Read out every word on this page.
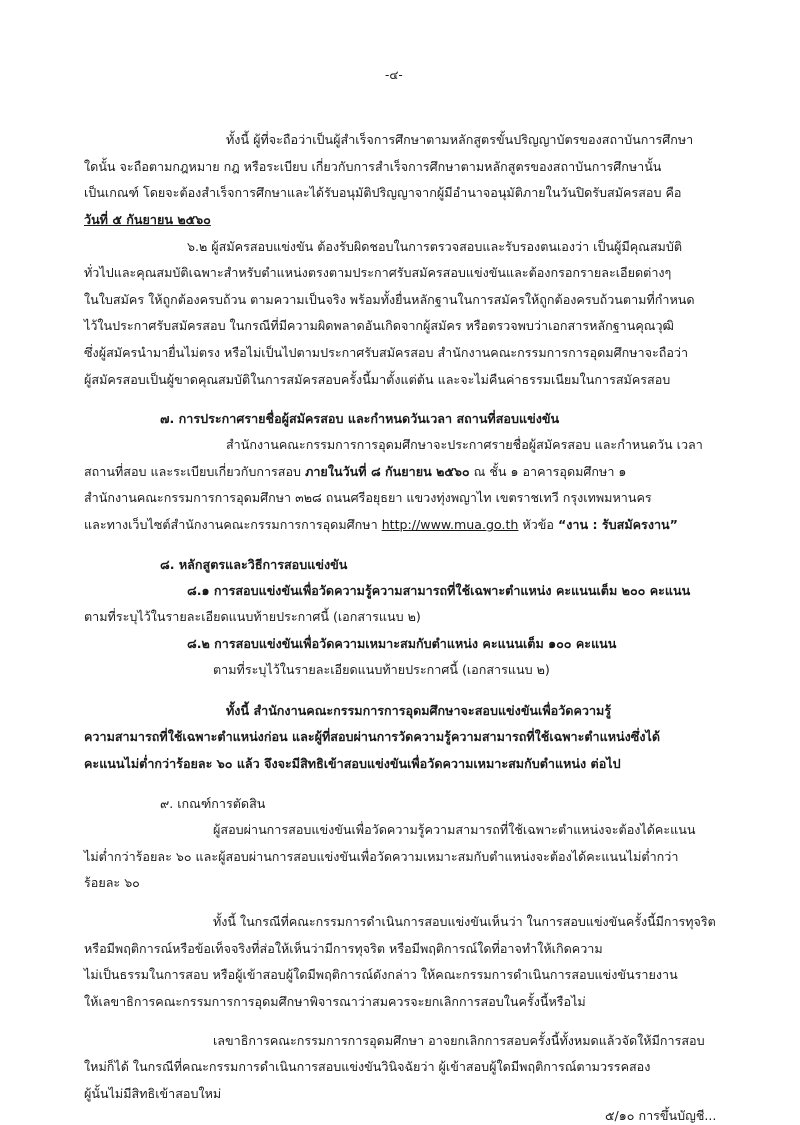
-๔-
ทั้งนี้ ผู้ที่จะถือว่าเป็นผู้สำเร็จการศึกษาตามหลักสูตรขั้นปริญญาบัตรของสถาบันการศึกษา
ใดนั้น จะถือตามกฎหมาย กฎ หรือระเบียบ เกี่ยวกับการสำเร็จการศึกษาตามหลักสูตรของสถาบันการศึกษานั้น
เป็นเกณฑ์ โดยจะต้องสำเร็จการศึกษาและได้รับอนุมัติปริญญาจากผู้มีอำนาจอนุมัติภายในวันปิดรับสมัครสอบ คือ
วันที่ ๕ กันยายน ๒๕๖๐
๖.๒ ผู้สมัครสอบแข่งขัน ต้องรับผิดชอบในการตรวจสอบและรับรองตนเองว่า เป็นผู้มีคุณสมบัติ
ทั่วไปและคุณสมบัติเฉพาะสำหรับตำแหน่งตรงตามประกาศรับสมัครสอบแข่งขันและต้องกรอกรายละเอียดต่างๆ
ในใบสมัคร ให้ถูกต้องครบถ้วน ตามความเป็นจริง พร้อมทั้งยื่นหลักฐานในการสมัครให้ถูกต้องครบถ้วนตามที่กำหนด
ไว้ในประกาศรับสมัครสอบ ในกรณีที่มีความผิดพลาดอันเกิดจากผู้สมัคร หรือตรวจพบว่าเอกสารหลักฐานคุณวุฒิ
ซึ่งผู้สมัครนำมายื่นไม่ตรง หรือไม่เป็นไปตามประกาศรับสมัครสอบ สำนักงานคณะกรรมการการอุดมศึกษาจะถือว่า
ผู้สมัครสอบเป็นผู้ขาดคุณสมบัติในการสมัครสอบครั้งนี้มาตั้งแต่ต้น และจะไม่คืนค่าธรรมเนียมในการสมัครสอบ
๗. การประกาศรายชื่อผู้สมัครสอบ และกำหนดวันเวลา สถานที่สอบแข่งขัน
สำนักงานคณะกรรมการการอุดมศึกษาจะประกาศรายชื่อผู้สมัครสอบ และกำหนดวัน เวลา
สถานที่สอบ และระเบียบเกี่ยวกับการสอบ ภายในวันที่ ๘ กันยายน ๒๕๖๐ ณ ชั้น ๑ อาคารอุดมศึกษา ๑
สำนักงานคณะกรรมการการอุดมศึกษา ๓๒๘ ถนนศรีอยุธยา แขวงทุ่งพญาไท เขตราชเทวี กรุงเทพมหานคร
และทางเว็บไซต์สำนักงานคณะกรรมการการอุดมศึกษา http://www.mua.go.th หัวข้อ “งาน : รับสมัครงาน”
๘. หลักสูตรและวิธีการสอบแข่งขัน
๘.๑ การสอบแข่งขันเพื่อวัดความรู้ความสามารถที่ใช้เฉพาะตำแหน่ง คะแนนเต็ม ๒๐๐ คะแนน
ตามที่ระบุไว้ในรายละเอียดแนบท้ายประกาศนี้ (เอกสารแนบ ๒)
๘.๒ การสอบแข่งขันเพื่อวัดความเหมาะสมกับตำแหน่ง คะแนนเต็ม ๑๐๐ คะแนน
ตามที่ระบุไว้ในรายละเอียดแนบท้ายประกาศนี้ (เอกสารแนบ ๒)
ทั้งนี้ สำนักงานคณะกรรมการการอุดมศึกษาจะสอบแข่งขันเพื่อวัดความรู้
ความสามารถที่ใช้เฉพาะตำแหน่งก่อน และผู้ที่สอบผ่านการวัดความรู้ความสามารถที่ใช้เฉพาะตำแหน่งซึ่งได้
คะแนนไม่ต่ำกว่าร้อยละ ๖๐ แล้ว จึงจะมีสิทธิเข้าสอบแข่งขันเพื่อวัดความเหมาะสมกับตำแหน่ง ต่อไป
๙. เกณฑ์การตัดสิน
ผู้สอบผ่านการสอบแข่งขันเพื่อวัดความรู้ความสามารถที่ใช้เฉพาะตำแหน่งจะต้องได้คะแนน
ไม่ต่ำกว่าร้อยละ ๖๐ และผู้สอบผ่านการสอบแข่งขันเพื่อวัดความเหมาะสมกับตำแหน่งจะต้องได้คะแนนไม่ต่ำกว่า
ร้อยละ ๖๐
ทั้งนี้ ในกรณีที่คณะกรรมการดำเนินการสอบแข่งขันเห็นว่า ในการสอบแข่งขันครั้งนี้มีการทุจริต
หรือมีพฤติการณ์หรือข้อเท็จจริงที่ส่อให้เห็นว่ามีการทุจริต หรือมีพฤติการณ์ใดที่อาจทำให้เกิดความ
ไม่เป็นธรรมในการสอบ หรือผู้เข้าสอบผู้ใดมีพฤติการณ์ดังกล่าว ให้คณะกรรมการดำเนินการสอบแข่งขันรายงาน
ให้เลขาธิการคณะกรรมการการอุดมศึกษาพิจารณาว่าสมควรจะยกเลิกการสอบในครั้งนี้หรือไม่
เลขาธิการคณะกรรมการการอุดมศึกษา อาจยกเลิกการสอบครั้งนี้ทั้งหมดแล้วจัดให้มีการสอบ
ใหม่ก็ได้ ในกรณีที่คณะกรรมการดำเนินการสอบแข่งขันวินิจฉัยว่า ผู้เข้าสอบผู้ใดมีพฤติการณ์ตามวรรคสอง
ผู้นั้นไม่มีสิทธิเข้าสอบใหม่
๕/๑๐ การขึ้นบัญชี...
